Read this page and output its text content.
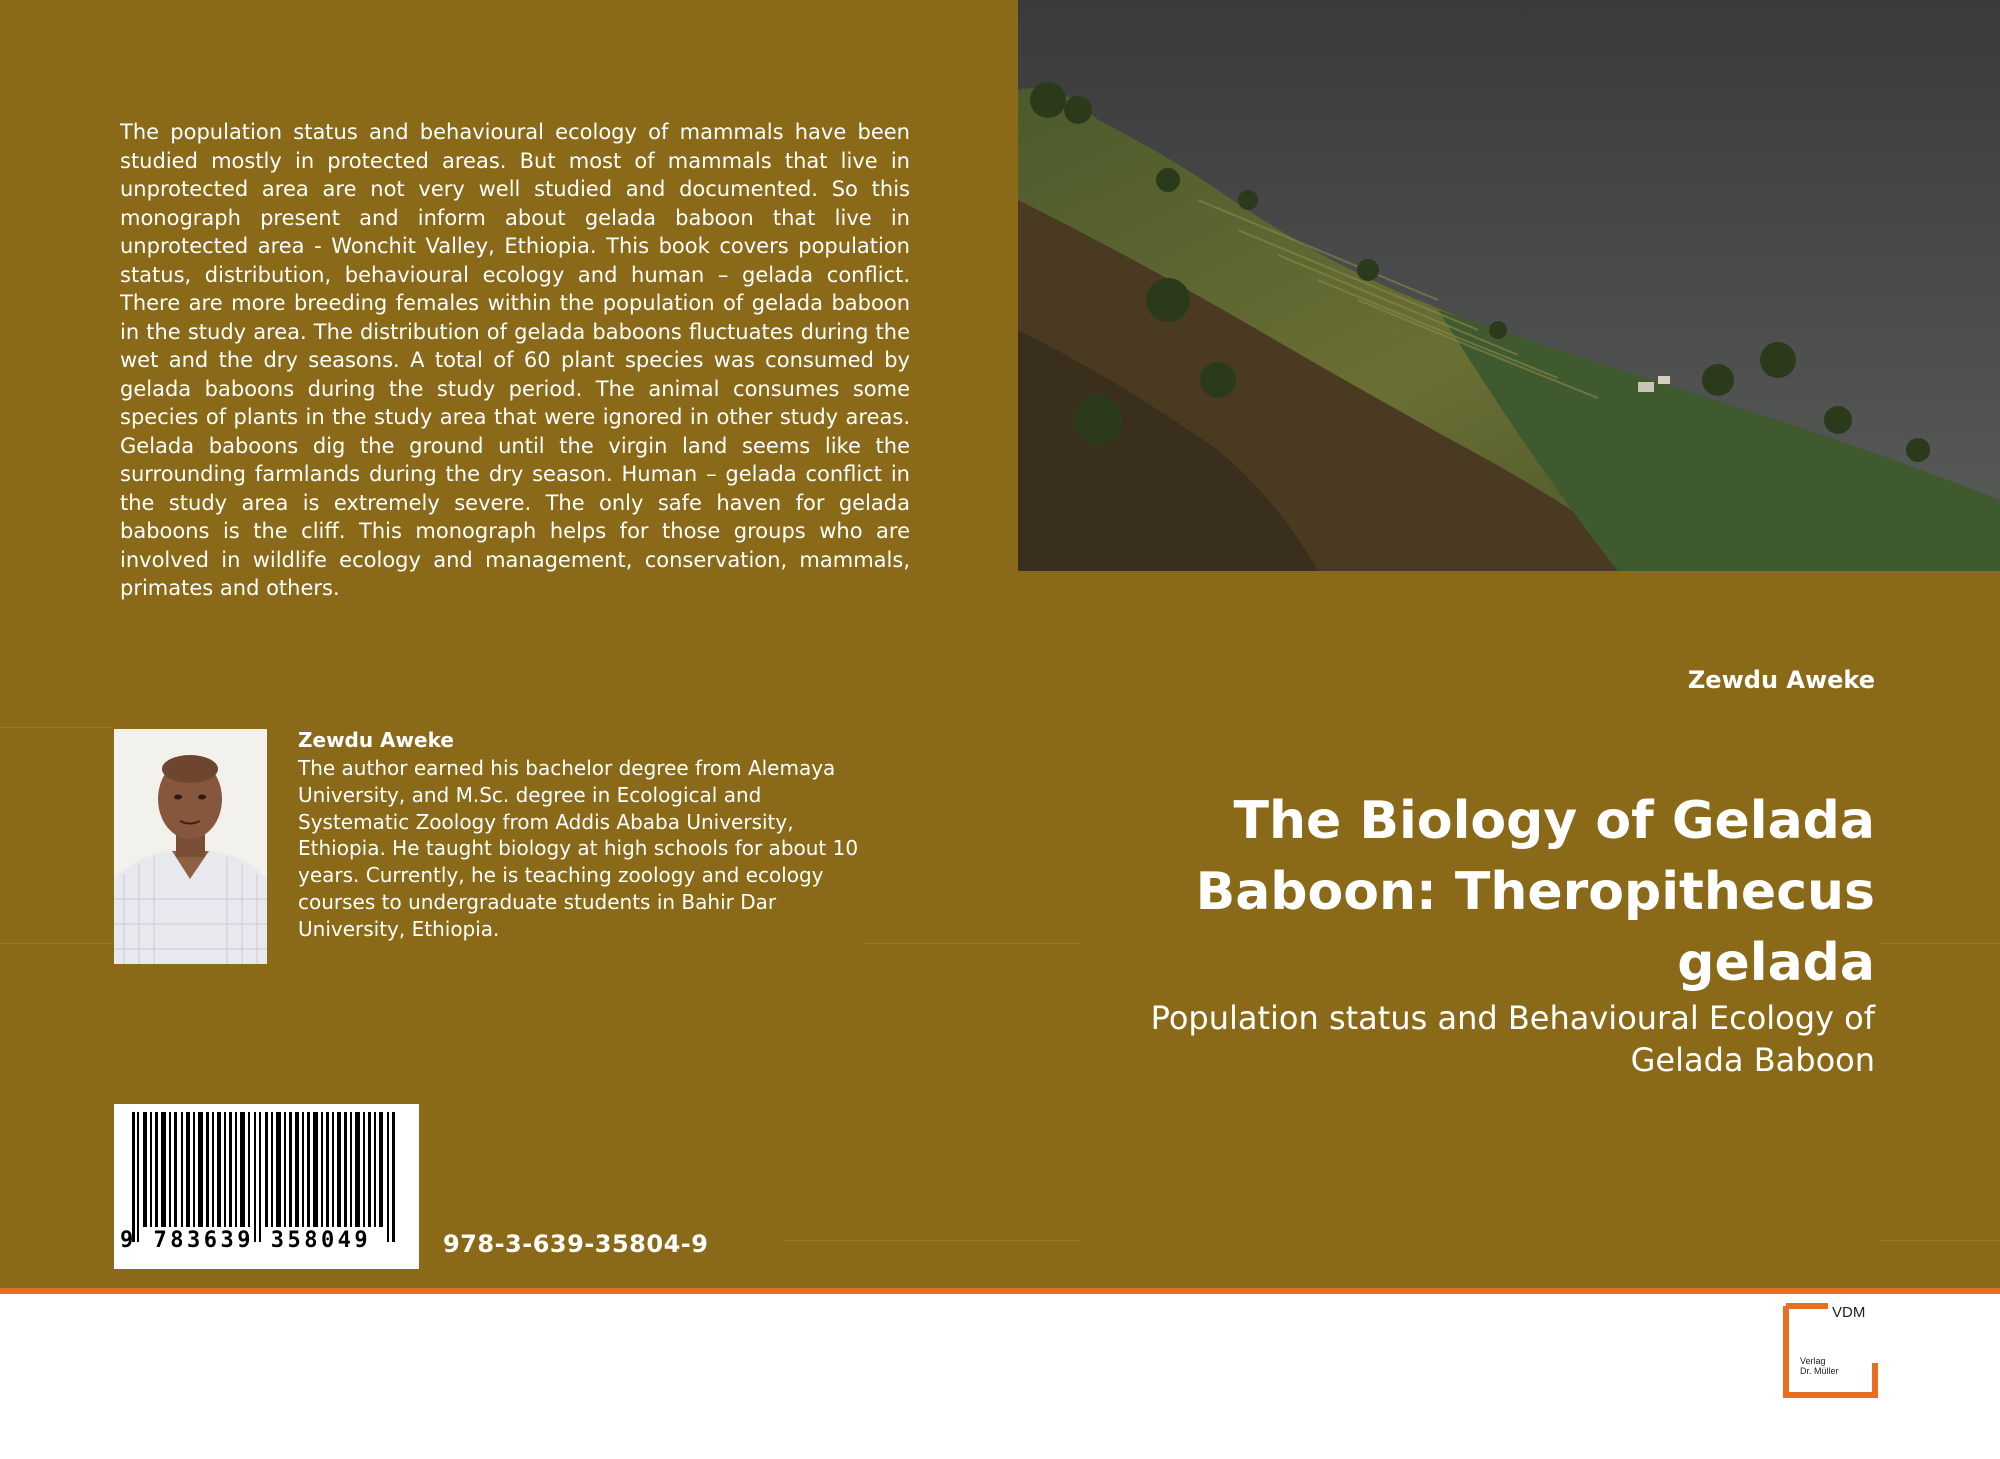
The population status and behavioural ecology of mammals have been studied mostly in protected areas. But most of mammals that live in unprotected area are not very well studied and documented. So this monograph present and inform about gelada baboon that live in unprotected area - Wonchit Valley, Ethiopia. This book covers population status, distribution, behavioural ecology and human – gelada conflict. There are more breeding females within the population of gelada baboon in the study area. The distribution of gelada baboons fluctuates during the wet and the dry seasons. A total of 60 plant species was consumed by gelada baboons during the study period. The animal consumes some species of plants in the study area that were ignored in other study areas. Gelada baboons dig the ground until the virgin land seems like the surrounding farmlands during the dry season. Human – gelada conflict in the study area is extremely severe. The only safe haven for gelada baboons is the cliff. This monograph helps for those groups who are involved in wildlife ecology and management, conservation, mammals, primates and others.

Zewdu Aweke

The author earned his bachelor degree from Alemaya University, and M.Sc. degree in Ecological and Systematic Zoology from Addis Ababa University, Ethiopia. He taught biology at high schools for about 10 years. Currently, he is teaching zoology and ecology courses to undergraduate students in Bahir Dar University, Ethiopia.

9 783639 358049	978-3-639-35804-9
Zewdu Aweke
The Biology of Gelada Baboon: Theropithecus gelada

Population status and Behavioural Ecology of Gelada Baboon

VDM
Verlag
Dr. Müller
